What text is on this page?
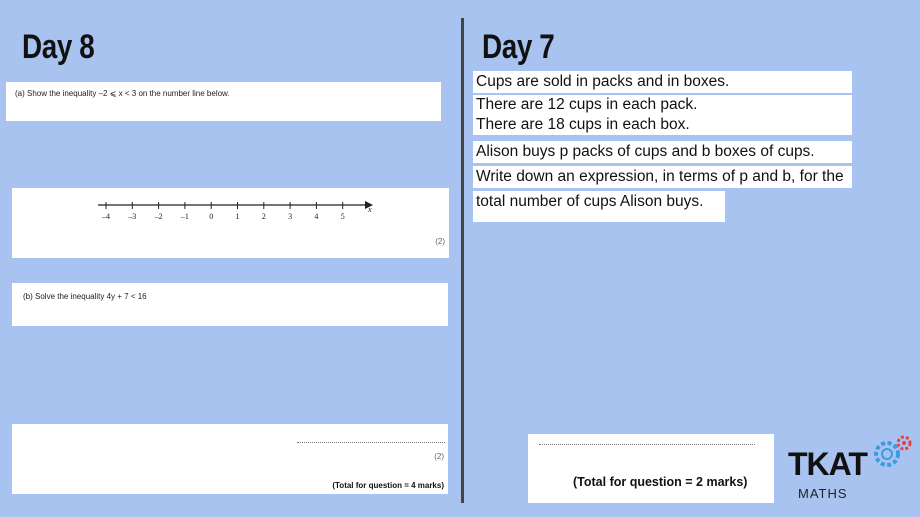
Day 8	Day 7
(a) Show the inequality –2 ⩽ x < 3 on the number line below.
–4 –3 –2 –1	0	1	2	3	4	5
x
(2)
(b) Solve the inequality 4y + 7 < 16
(2)
(Total for question = 4 marks)
Cups are sold in packs and in boxes.
There are 12 cups in each pack.
There are 18 cups in each box.
Alison buys p packs of cups and b boxes of cups.
Write down an expression, in terms of p and b, for the
total number of cups Alison buys.
(Total for question = 2 marks) TKAT
MATHS
